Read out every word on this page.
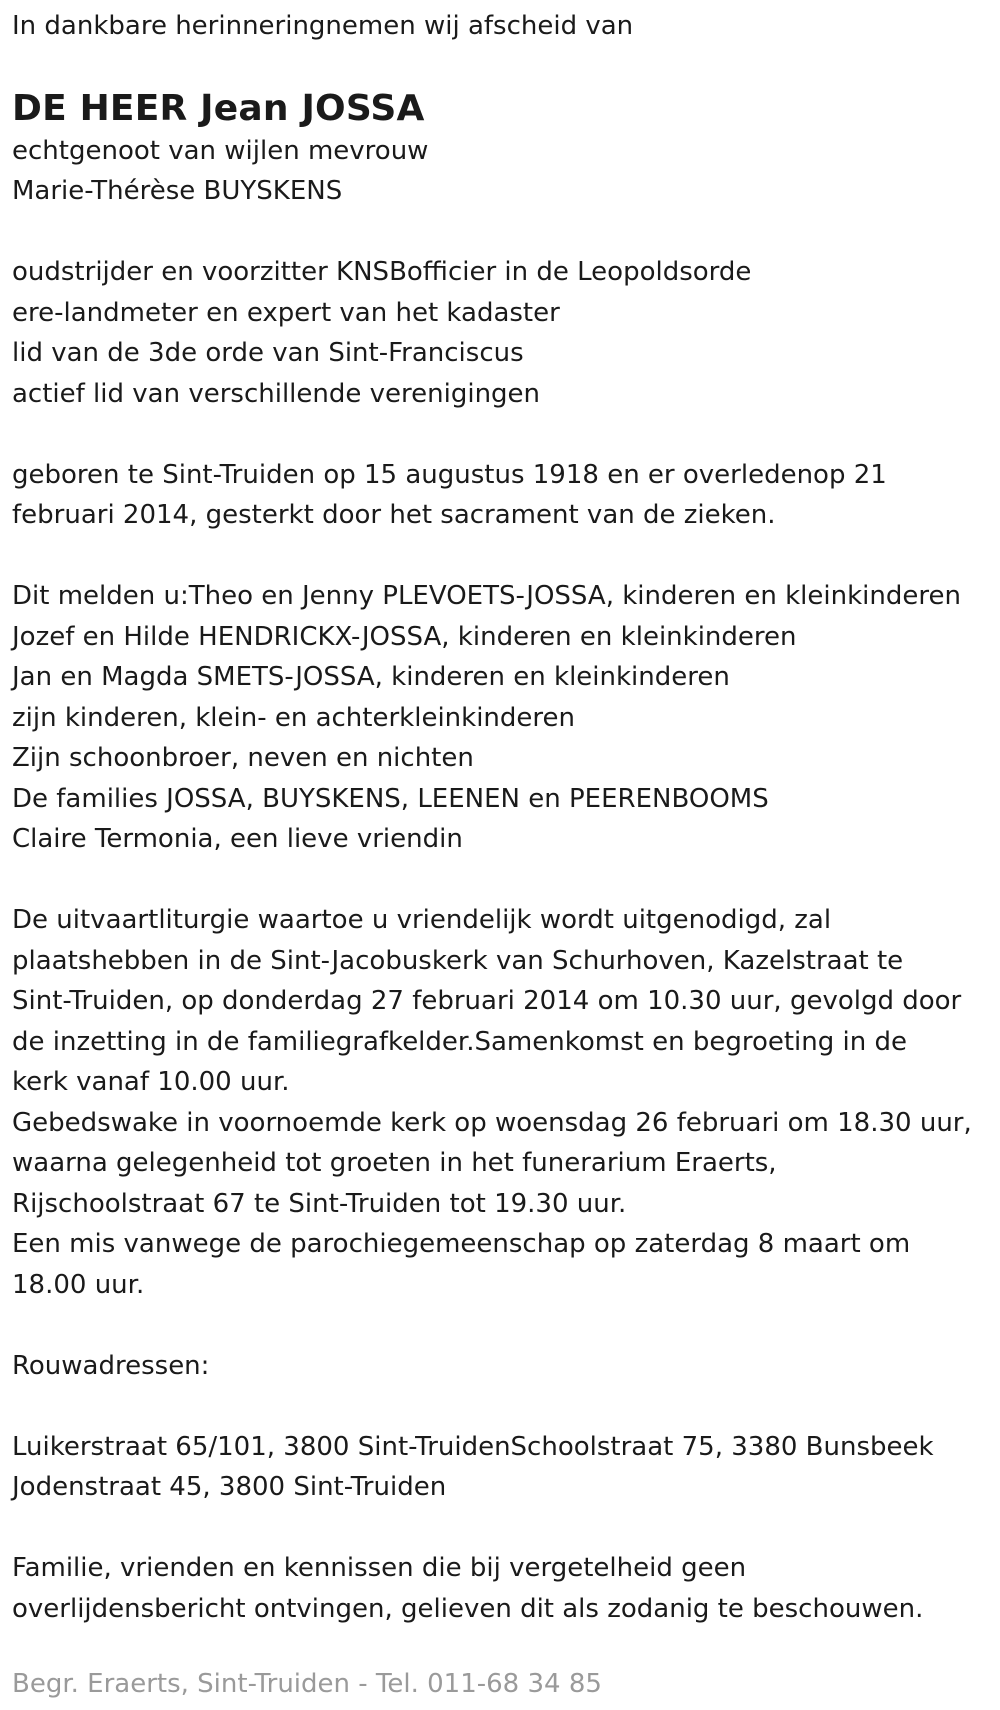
In dankbare herinneringnemen wij afscheid van

DE HEER Jean JOSSA

echtgenoot van wijlen mevrouw

Marie-Thérèse BUYSKENS

oudstrijder en voorzitter KNSBofficier in de Leopoldsorde

ere-landmeter en expert van het kadaster

lid van de 3de orde van Sint-Franciscus

actief lid van verschillende verenigingen

geboren te Sint-Truiden op 15 augustus 1918 en er overledenop 21

februari 2014, gesterkt door het sacrament van de zieken.

Dit melden u:Theo en Jenny PLEVOETS-JOSSA, kinderen en kleinkinderen

Jozef en Hilde HENDRICKX-JOSSA, kinderen en kleinkinderen

Jan en Magda SMETS-JOSSA, kinderen en kleinkinderen

zijn kinderen, klein- en achterkleinkinderen

Zijn schoonbroer, neven en nichten

De families JOSSA, BUYSKENS, LEENEN en PEERENBOOMS

Claire Termonia, een lieve vriendin

De uitvaartliturgie waartoe u vriendelijk wordt uitgenodigd, zal

plaatshebben in de Sint-Jacobuskerk van Schurhoven, Kazelstraat te

Sint-Truiden, op donderdag 27 februari 2014 om 10.30 uur, gevolgd door

de inzetting in de familiegrafkelder.Samenkomst en begroeting in de

kerk vanaf 10.00 uur.

Gebedswake in voornoemde kerk op woensdag 26 februari om 18.30 uur,

waarna gelegenheid tot groeten in het funerarium Eraerts,

Rijschoolstraat 67 te Sint-Truiden tot 19.30 uur.

Een mis vanwege de parochiegemeenschap op zaterdag 8 maart om

18.00 uur.

Rouwadressen:

Luikerstraat 65/101, 3800 Sint-TruidenSchoolstraat 75, 3380 Bunsbeek

Jodenstraat 45, 3800 Sint-Truiden

Familie, vrienden en kennissen die bij vergetelheid geen

overlijdensbericht ontvingen, gelieven dit als zodanig te beschouwen.

Begr. Eraerts, Sint-Truiden - Tel. 011-68 34 85
